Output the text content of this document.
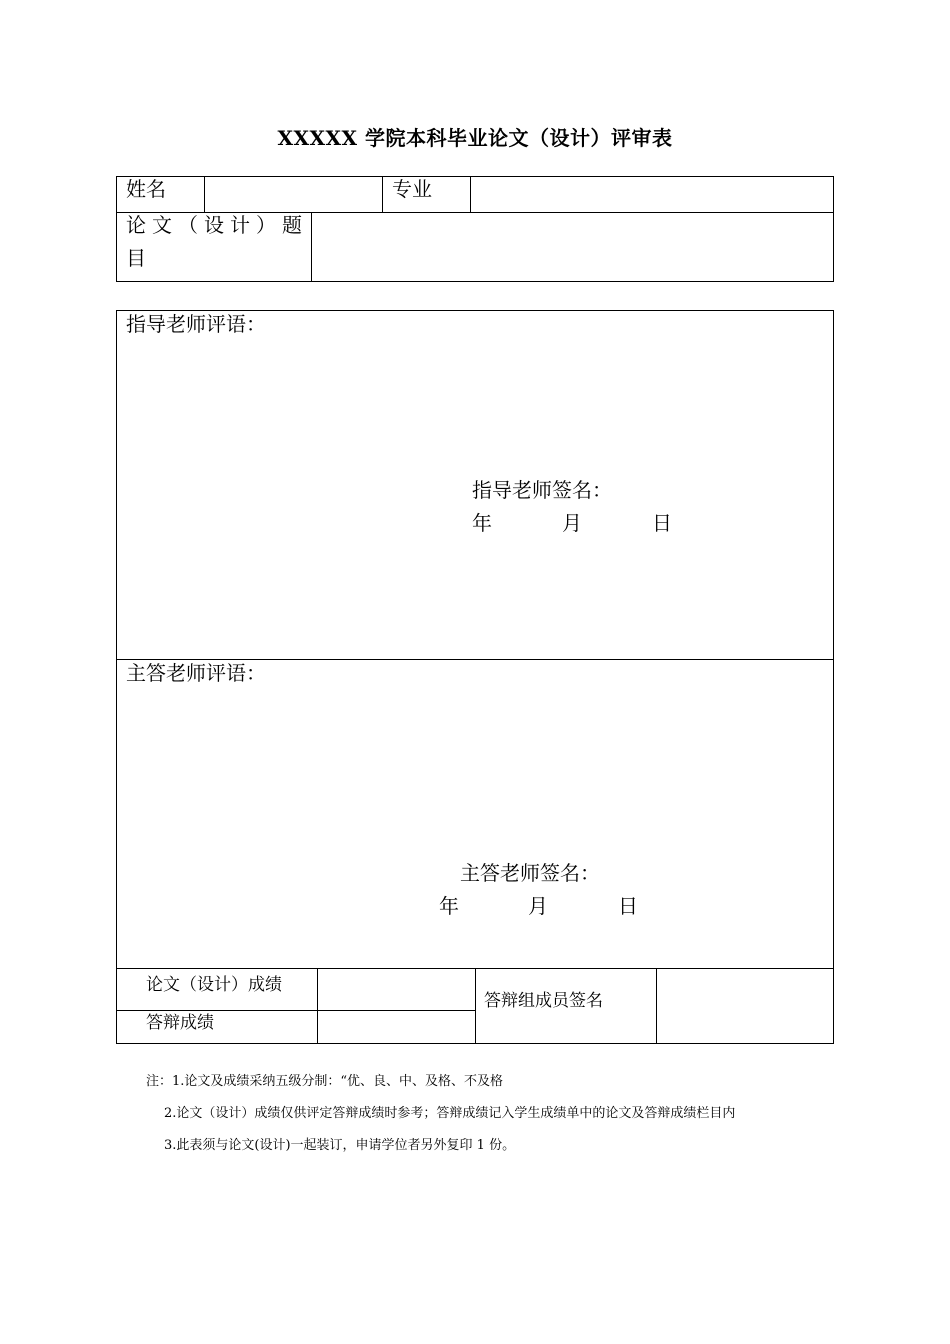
XXXXX 学院本科毕业论文（设计）评审表
姓名	专业
论文（设计）题
目
指导老师评语：
指导老师签名：
年	月	日
主答老师评语：
主答老师签名：
年	月	日
论文（设计）成绩
答辩成绩
答辩组成员签名
注：1.论文及成绩采纳五级分制：“优、良、中、及格、不及格
2.论文（设计）成绩仅供评定答辩成绩时参考；答辩成绩记入学生成绩单中的论文及答辩成绩栏目内
3.此表须与论文(设计)一起装订，申请学位者另外复印 1 份。
